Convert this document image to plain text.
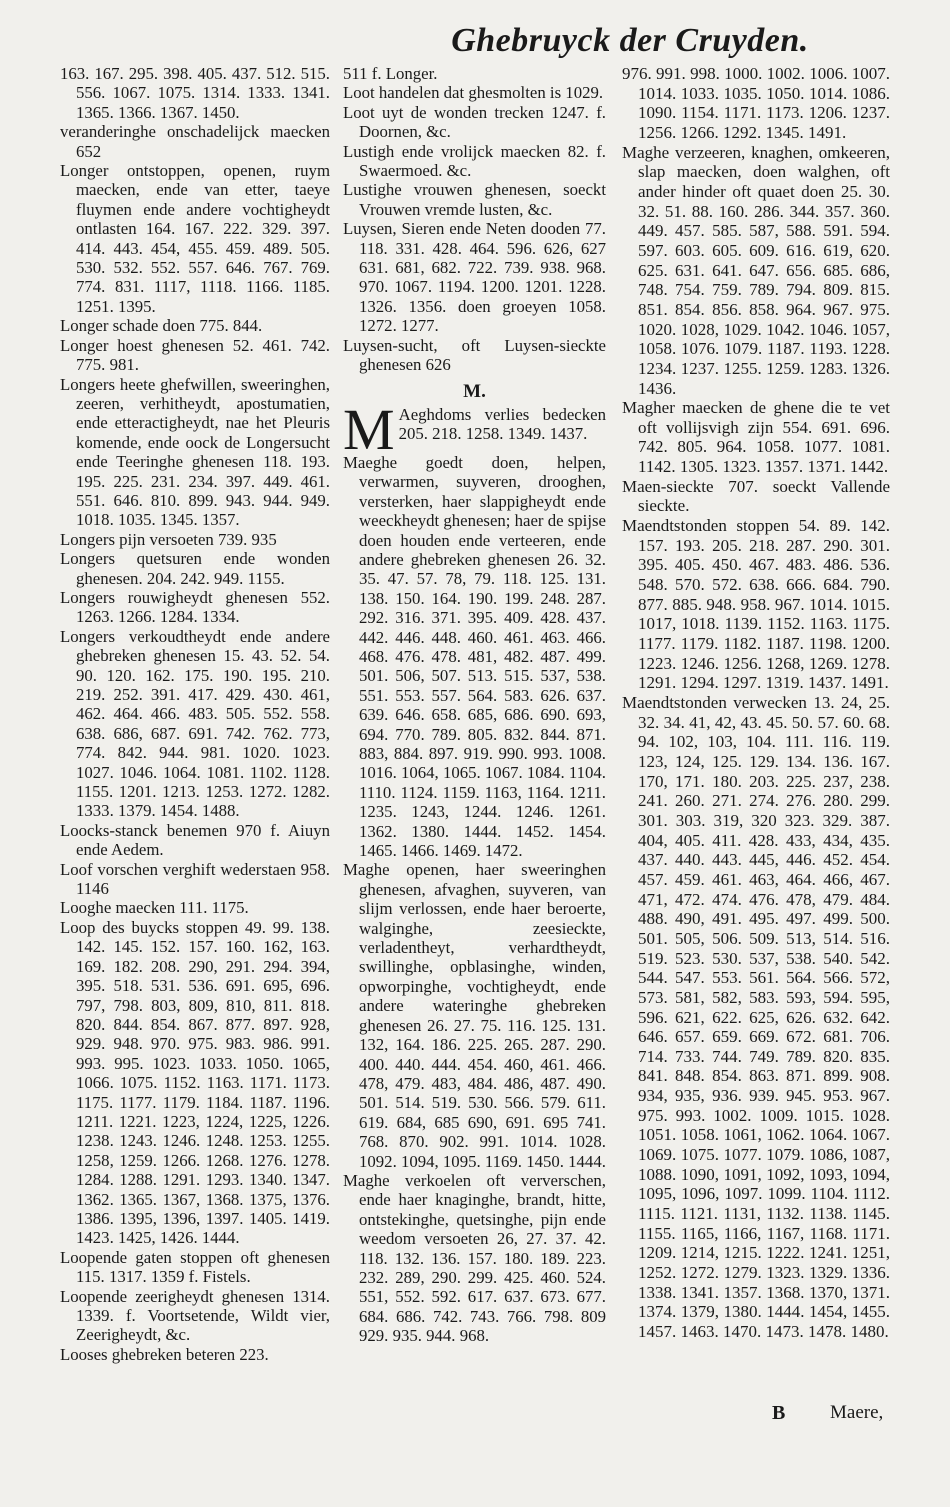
Ghebruyck der Cruyden.

163. 167. 295. 398. 405. 437. 512. 515. 556. 1067. 1075. 1314. 1333. 1341. 1365. 1366. 1367. 1450.

veranderinghe onschadelijck maecken 652

Longer ontstoppen, openen, ruym maecken, ende van etter, taeye fluymen ende andere vochtigheydt ontlasten 164. 167. 222. 329. 397. 414. 443. 454, 455. 459. 489. 505. 530. 532. 552. 557. 646. 767. 769. 774. 831. 1117, 1118. 1166. 1185. 1251. 1395.

Longer schade doen 775. 844.

Longer hoest ghenesen 52. 461. 742. 775. 981.

Longers heete ghefwillen, sweeringhen, zeeren, verhitheydt, apostumatien, ende etteractigheydt, nae het Pleuris komende, ende oock de Longersucht ende Teeringhe ghenesen 118. 193. 195. 225. 231. 234. 397. 449. 461. 551. 646. 810. 899. 943. 944. 949. 1018. 1035. 1345. 1357.

Longers pijn versoeten 739. 935

Longers quetsuren ende wonden ghenesen. 204. 242. 949. 1155.

Longers rouwigheydt ghenesen 552. 1263. 1266. 1284. 1334.

Longers verkoudtheydt ende andere ghebreken ghenesen 15. 43. 52. 54. 90. 120. 162. 175. 190. 195. 210. 219. 252. 391. 417. 429. 430. 461, 462. 464. 466. 483. 505. 552. 558. 638. 686, 687. 691. 742. 762. 773, 774. 842. 944. 981. 1020. 1023. 1027. 1046. 1064. 1081. 1102. 1128. 1155. 1201. 1213. 1253. 1272. 1282. 1333. 1379. 1454. 1488.

Loocks-stanck benemen 970 f. Aiuyn ende Aedem.

Loof vorschen verghift wederstaen 958. 1146

Looghe maecken 111. 1175.

Loop des buycks stoppen 49. 99. 138. 142. 145. 152. 157. 160. 162, 163. 169. 182. 208. 290, 291. 294. 394, 395. 518. 531. 536. 691. 695, 696. 797, 798. 803, 809, 810, 811. 818. 820. 844. 854. 867. 877. 897. 928, 929. 948. 970. 975. 983. 986. 991. 993. 995. 1023. 1033. 1050. 1065, 1066. 1075. 1152. 1163. 1171. 1173. 1175. 1177. 1179. 1184. 1187. 1196. 1211. 1221. 1223, 1224, 1225, 1226. 1238. 1243. 1246. 1248. 1253. 1255. 1258, 1259. 1266. 1268. 1276. 1278. 1284. 1288. 1291. 1293. 1340. 1347. 1362. 1365. 1367, 1368. 1375, 1376. 1386. 1395, 1396, 1397. 1405. 1419. 1423. 1425, 1426. 1444.

Loopende gaten stoppen oft ghenesen 115. 1317. 1359 f. Fistels.

Loopende zeerigheydt ghenesen 1314. 1339. f. Voortsetende, Wildt vier, Zeerigheydt, &c.

Looses ghebreken beteren 223.

511 f. Longer.

Loot handelen dat ghesmolten is 1029.

Loot uyt de wonden trecken 1247. f. Doornen, &c.

Lustigh ende vrolijck maecken 82. f. Swaermoed. &c.

Lustighe vrouwen ghenesen, soeckt Vrouwen vremde lusten, &c.

Luysen, Sieren ende Neten dooden 77. 118. 331. 428. 464. 596. 626, 627 631. 681, 682. 722. 739. 938. 968. 970. 1067. 1194. 1200. 1201. 1228. 1326. 1356. doen groeyen 1058. 1272. 1277.

Luysen-sucht, oft Luysen-sieckte ghenesen 626

M.

M Aeghdoms verlies bedecken 205. 218. 1258. 1349. 1437.

Maeghe goedt doen, helpen, verwarmen, suyveren, drooghen, versterken, haer slappigheydt ende weeckheydt ghenesen; haer de spijse doen houden ende verteeren, ende andere ghebreken ghenesen 26. 32. 35. 47. 57. 78, 79. 118. 125. 131. 138. 150. 164. 190. 199. 248. 287. 292. 316. 371. 395. 409. 428. 437. 442. 446. 448. 460. 461. 463. 466. 468. 476. 478. 481, 482. 487. 499. 501. 506, 507. 513. 515. 537, 538. 551. 553. 557. 564. 583. 626. 637. 639. 646. 658. 685, 686. 690. 693, 694. 770. 789. 805. 832. 844. 871. 883, 884. 897. 919. 990. 993. 1008. 1016. 1064, 1065. 1067. 1084. 1104. 1110. 1124. 1159. 1163, 1164. 1211. 1235. 1243, 1244. 1246. 1261. 1362. 1380. 1444. 1452. 1454. 1465. 1466. 1469. 1472.

Maghe openen, haer sweeringhen ghenesen, afvaghen, suyveren, van slijm verlossen, ende haer beroerte, walginghe, zeesieckte, verladentheyt, verhardtheydt, swillinghe, opblasinghe, winden, opworpinghe, vochtigheydt, ende andere wateringhe ghebreken ghenesen 26. 27. 75. 116. 125. 131. 132, 164. 186. 225. 265. 287. 290. 400. 440. 444. 454. 460, 461. 466. 478, 479. 483, 484. 486, 487. 490. 501. 514. 519. 530. 566. 579. 611. 619. 684, 685 690, 691. 695 741. 768. 870. 902. 991. 1014. 1028. 1092. 1094, 1095. 1169. 1450. 1444.

Maghe verkoelen oft ververschen, ende haer knaginghe, brandt, hitte, ontstekinghe, quetsinghe, pijn ende weedom versoeten 26, 27. 37. 42. 118. 132. 136. 157. 180. 189. 223. 232. 289, 290. 299. 425. 460. 524. 551, 552. 592. 617. 637. 673. 677. 684. 686. 742. 743. 766. 798. 809 929. 935. 944. 968.

976. 991. 998. 1000. 1002. 1006. 1007. 1014. 1033. 1035. 1050. 1014. 1086. 1090. 1154. 1171. 1173. 1206. 1237. 1256. 1266. 1292. 1345. 1491.

Maghe verzeeren, knaghen, omkeeren, slap maecken, doen walghen, oft ander hinder oft quaet doen 25. 30. 32. 51. 88. 160. 286. 344. 357. 360. 449. 457. 585. 587, 588. 591. 594. 597. 603. 605. 609. 616. 619, 620. 625. 631. 641. 647. 656. 685. 686, 748. 754. 759. 789. 794. 809. 815. 851. 854. 856. 858. 964. 967. 975. 1020. 1028, 1029. 1042. 1046. 1057, 1058. 1076. 1079. 1187. 1193. 1228. 1234. 1237. 1255. 1259. 1283. 1326. 1436.

Magher maecken de ghene die te vet oft vollijsvigh zijn 554. 691. 696. 742. 805. 964. 1058. 1077. 1081. 1142. 1305. 1323. 1357. 1371. 1442.

Maen-sieckte 707. soeckt Vallende sieckte.

Maendtstonden stoppen 54. 89. 142. 157. 193. 205. 218. 287. 290. 301. 395. 405. 450. 467. 483. 486. 536. 548. 570. 572. 638. 666. 684. 790. 877. 885. 948. 958. 967. 1014. 1015. 1017, 1018. 1139. 1152. 1163. 1175. 1177. 1179. 1182. 1187. 1198. 1200. 1223. 1246. 1256. 1268, 1269. 1278. 1291. 1294. 1297. 1319. 1437. 1491.

Maendtstonden verwecken 13. 24, 25. 32. 34. 41, 42, 43. 45. 50. 57. 60. 68. 94. 102, 103, 104. 111. 116. 119. 123, 124, 125. 129. 134. 136. 167. 170, 171. 180. 203. 225. 237, 238. 241. 260. 271. 274. 276. 280. 299. 301. 303. 319, 320 323. 329. 387. 404, 405. 411. 428. 433, 434, 435. 437. 440. 443. 445, 446. 452. 454. 457. 459. 461. 463, 464. 466, 467. 471, 472. 474. 476. 478, 479. 484. 488. 490, 491. 495. 497. 499. 500. 501. 505, 506. 509. 513, 514. 516. 519. 523. 530. 537, 538. 540. 542. 544. 547. 553. 561. 564. 566. 572, 573. 581, 582, 583. 593, 594. 595, 596. 621, 622. 625, 626. 632. 642. 646. 657. 659. 669. 672. 681. 706. 714. 733. 744. 749. 789. 820. 835. 841. 848. 854. 863. 871. 899. 908. 934, 935, 936. 939. 945. 953. 967. 975. 993. 1002. 1009. 1015. 1028. 1051. 1058. 1061, 1062. 1064. 1067. 1069. 1075. 1077. 1079. 1086, 1087, 1088. 1090, 1091, 1092, 1093, 1094, 1095, 1096, 1097. 1099. 1104. 1112. 1115. 1121. 1131, 1132. 1138. 1145. 1155. 1165, 1166, 1167, 1168. 1171. 1209. 1214, 1215. 1222. 1241. 1251, 1252. 1272. 1279. 1323. 1329. 1336. 1338. 1341. 1357. 1368. 1370, 1371. 1374. 1379, 1380. 1444. 1454, 1455. 1457. 1463. 1470. 1473. 1478. 1480.

B Maere,
